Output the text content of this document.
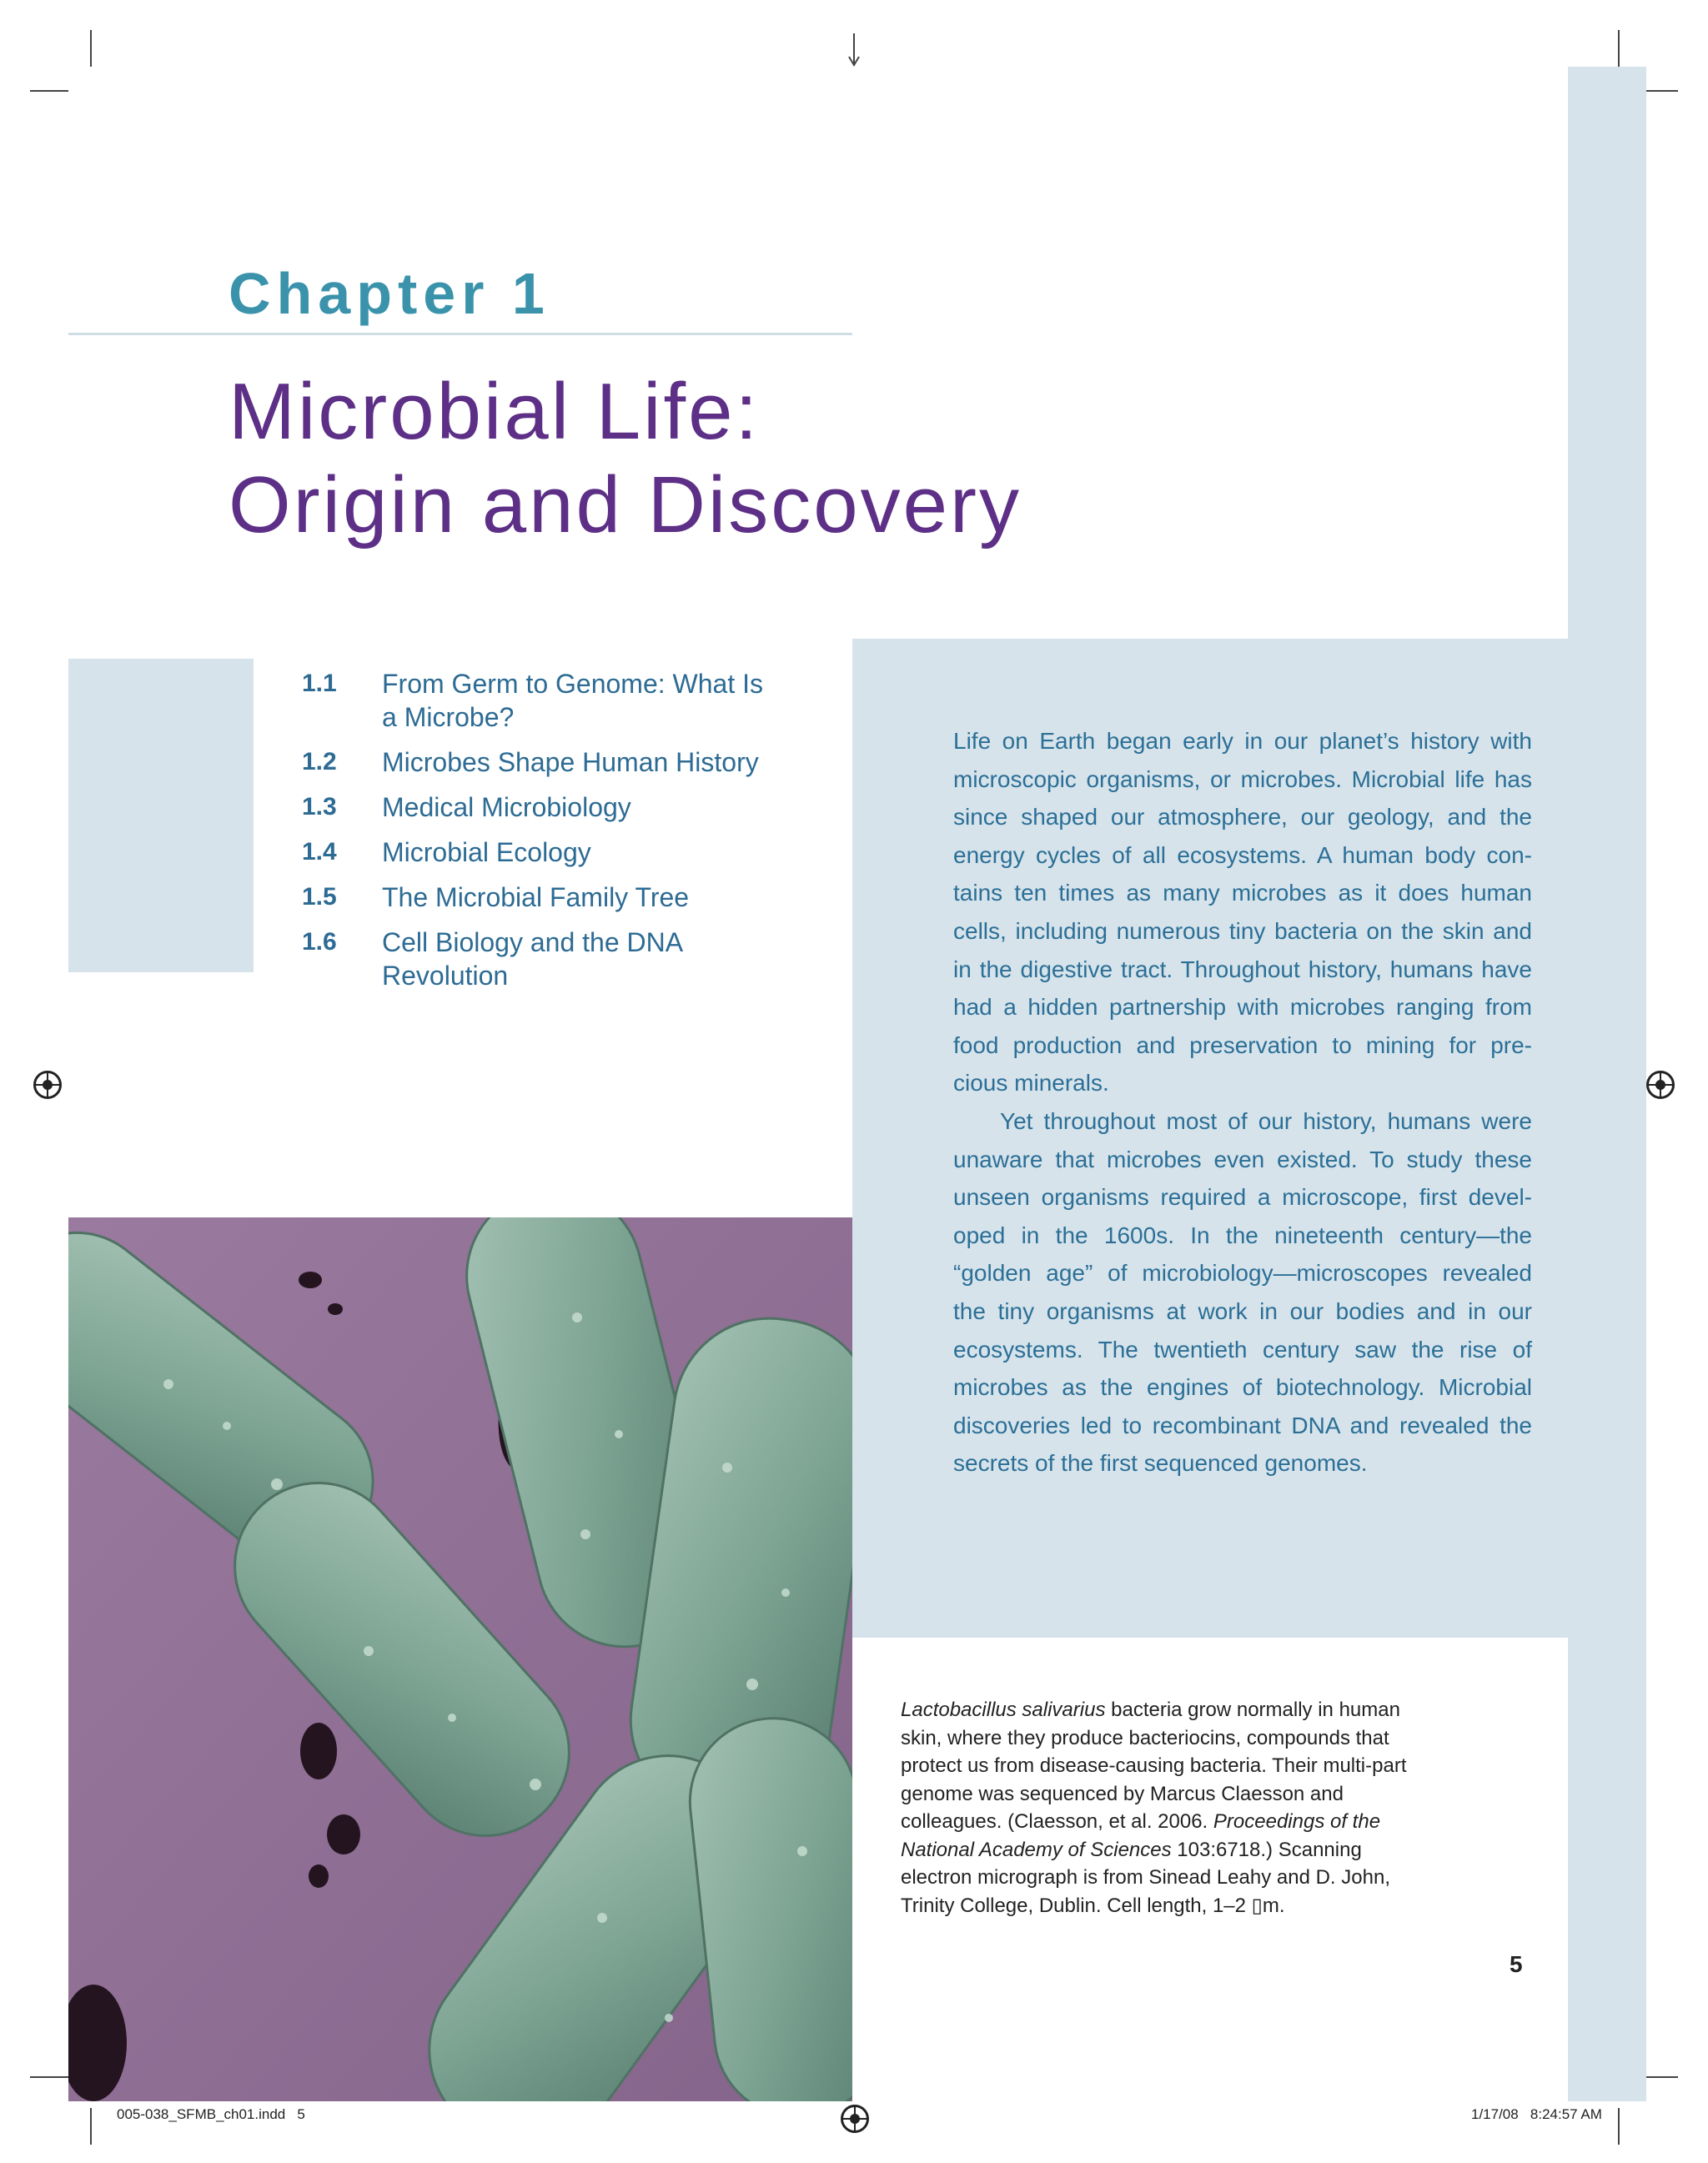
Chapter 1
Microbial Life:
Origin and Discovery
1.1	From Germ to Genome: What Is a Microbe?
1.2	Microbes Shape Human History
1.3	Medical Microbiology
1.4	Microbial Ecology
1.5	The Microbial Family Tree
1.6	Cell Biology and the DNA Revolution

Life on Earth began early in our planet’s history with microscopic organisms, or microbes. Microbial life has since shaped our atmosphere, our geology, and the energy cycles of all ecosystems. A human body con-tains ten times as many microbes as it does human cells, including numerous tiny bacteria on the skin and in the digestive tract. Throughout history, humans have had a hidden partnership with microbes ranging from food production and preservation to mining for pre-cious minerals.

Yet throughout most of our history, humans were unaware that microbes even existed. To study these unseen organisms required a microscope, first devel-oped in the 1600s. In the nineteenth century—the “golden age” of microbiology—microscopes revealed the tiny organisms at work in our bodies and in our ecosystems. The twentieth century saw the rise of microbes as the engines of biotechnology. Microbial discoveries led to recombinant DNA and revealed the secrets of the first sequenced genomes.

Lactobacillus salivarius bacteria grow normally in human skin, where they produce bacteriocins, compounds that protect us from disease-causing bacteria. Their multi-part genome was sequenced by Marcus Claesson and colleagues. (Claesson, et al. 2006. Proceedings of the National Academy of Sciences 103:6718.) Scanning electron micrograph is from Sinead Leahy and D. John, Trinity College, Dublin. Cell length, 1–2 ▯m.
5
005-038_SFMB_ch01.indd   5	1/17/08   8:24:57 AM
